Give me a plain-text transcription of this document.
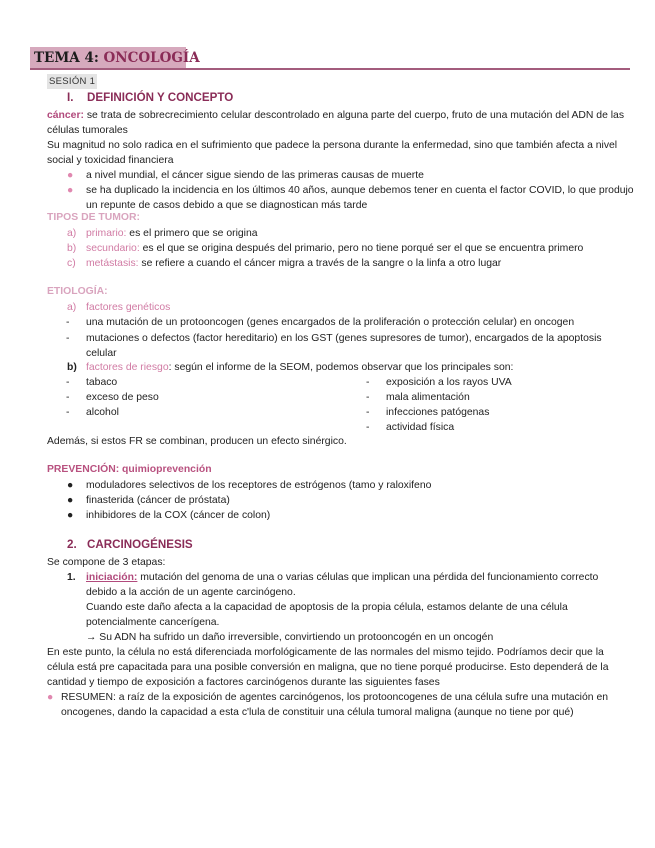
TEMA 4: ONCOLOGÍA
SESIÓN 1
I. DEFINICIÓN Y CONCEPTO
cáncer: se trata de sobrecrecimiento celular descontrolado en alguna parte del cuerpo, fruto de una mutación del ADN de las
células tumorales
Su magnitud no solo radica en el sufrimiento que padece la persona durante la enfermedad, sino que también afecta a nivel
social y toxicidad financiera
● a nivel mundial, el cáncer sigue siendo de las primeras causas de muerte
● se ha duplicado la incidencia en los últimos 40 años, aunque debemos tener en cuenta el factor COVID, lo que produjo
un repunte de casos debido a que se diagnostican más tarde
TIPOS DE TUMOR:
a) primario: es el primero que se origina
b) secundario: es el que se origina después del primario, pero no tiene porqué ser el que se encuentra primero
c) metástasis: se refiere a cuando el cáncer migra a través de la sangre o la linfa a otro lugar
ETIOLOGÍA:
a) factores genéticos
- una mutación de un protooncogen (genes encargados de la proliferación o protección celular) en oncogen
- mutaciones o defectos (factor hereditario) en los GST (genes supresores de tumor), encargados de la apoptosis
celular
b) factores de riesgo: según el informe de la SEOM, podemos observar que los principales son:
- tabaco
- exceso de peso
- alcohol
- exposición a los rayos UVA
- mala alimentación
- infecciones patógenas
- actividad física
Además, si estos FR se combinan, producen un efecto sinérgico.
PREVENCIÓN: quimioprevención
● moduladores selectivos de los receptores de estrógenos (tamo y raloxifeno
● finasterida (cáncer de próstata)
● inhibidores de la COX (cáncer de colon)
2. CARCINOGÉNESIS
Se compone de 3 etapas:
1. iniciación: mutación del genoma de una o varias células que implican una pérdida del funcionamiento correcto
debido a la acción de un agente carcinógeno.
Cuando este daño afecta a la capacidad de apoptosis de la propia célula, estamos delante de una célula
potencialmente cancerígena.
→ Su ADN ha sufrido un daño irreversible, convirtiendo un protooncogén en un oncogén
En este punto, la célula no está diferenciada morfológicamente de las normales del mismo tejido. Podríamos decir que la
célula está pre capacitada para una posible conversión en maligna, que no tiene porqué producirse. Esto dependerá de la
cantidad y tiempo de exposición a factores carcinógenos durante las siguientes fases
● RESUMEN: a raíz de la exposición de agentes carcinógenos, los protooncogenes de una célula sufre una mutación en
oncogenes, dando la capacidad a esta c'lula de constituir una célula tumoral maligna (aunque no tiene por qué)
